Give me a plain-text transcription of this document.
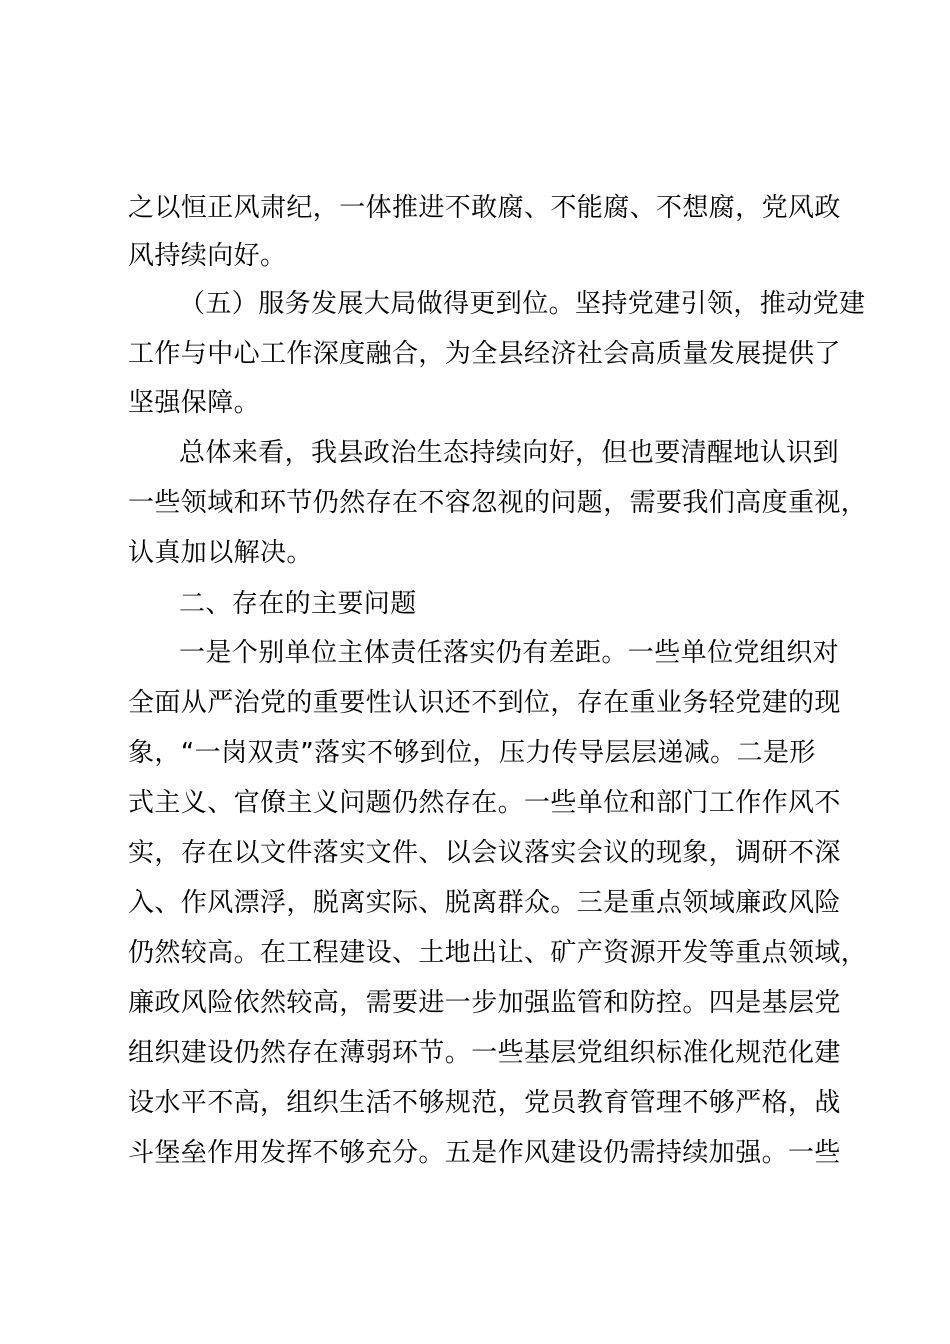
之以恒正风肃纪，一体推进不敢腐、不能腐、不想腐，党风政
风持续向好。
（五）服务发展大局做得更到位。坚持党建引领，推动党建
工作与中心工作深度融合，为全县经济社会高质量发展提供了
坚强保障。
总体来看，我县政治生态持续向好，但也要清醒地认识到
一些领域和环节仍然存在不容忽视的问题，需要我们高度重视，
认真加以解决。
二、存在的主要问题
一是个别单位主体责任落实仍有差距。一些单位党组织对
全面从严治党的重要性认识还不到位，存在重业务轻党建的现
象，“一岗双责”落实不够到位，压力传导层层递减。二是形
式主义、官僚主义问题仍然存在。一些单位和部门工作作风不
实，存在以文件落实文件、以会议落实会议的现象，调研不深
入、作风漂浮，脱离实际、脱离群众。三是重点领域廉政风险
仍然较高。在工程建设、土地出让、矿产资源开发等重点领域，
廉政风险依然较高，需要进一步加强监管和防控。四是基层党
组织建设仍然存在薄弱环节。一些基层党组织标准化规范化建
设水平不高，组织生活不够规范，党员教育管理不够严格，战
斗堡垒作用发挥不够充分。五是作风建设仍需持续加强。一些
